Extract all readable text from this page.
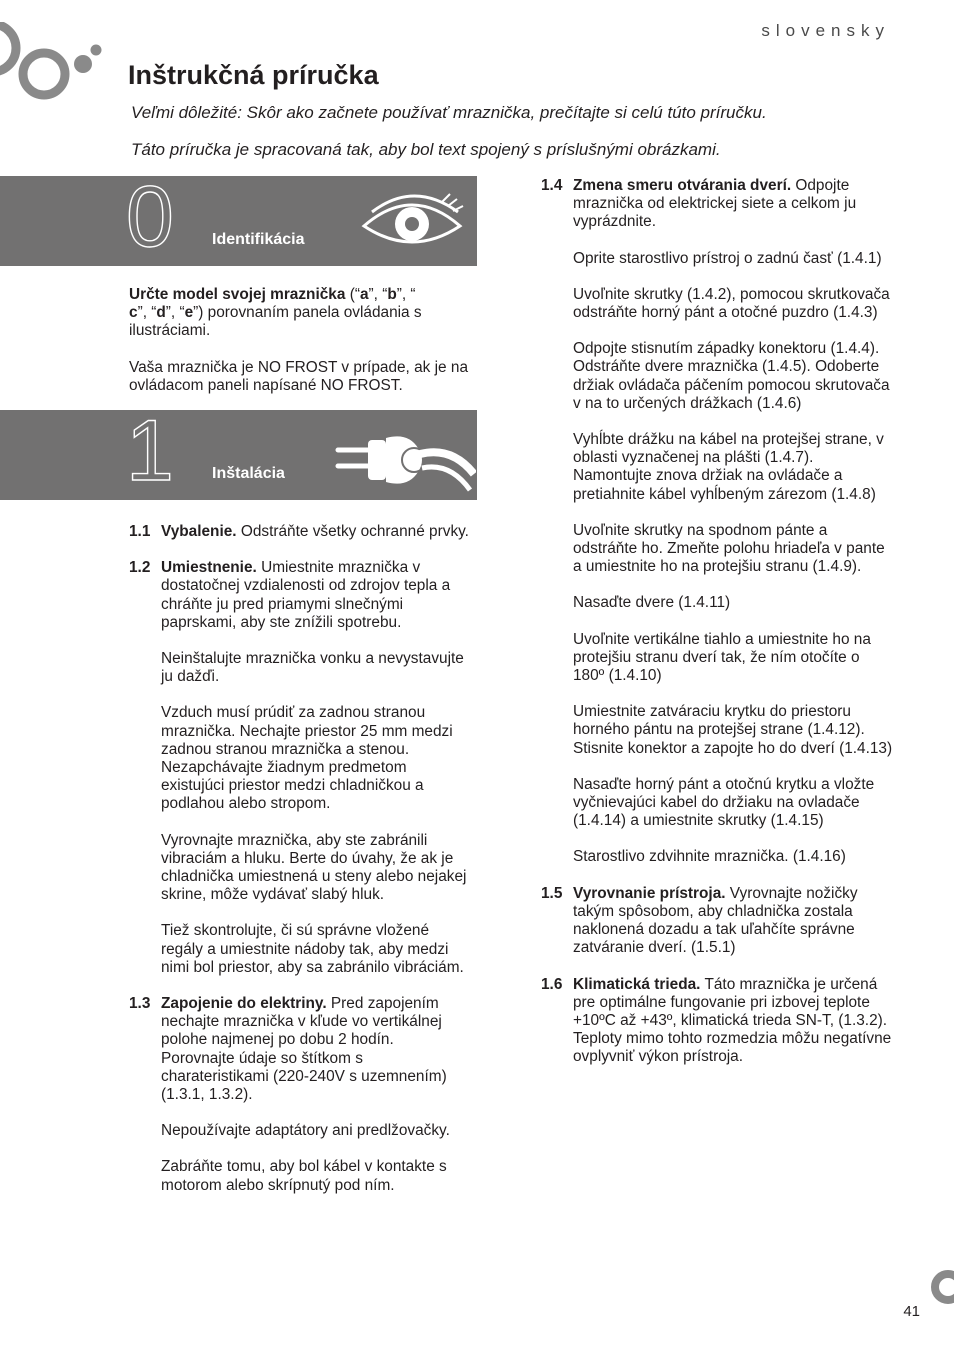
slovensky
Inštrukčná príručka

Veľmi dôležité: Skôr ako začnete používať mraznička, prečítajte si celú túto príručku.

Táto príručka je spracovaná tak, aby bol text spojený s príslušnými obrázkami.

0 Identifikácia

Určte model svojej mraznička (“a”, “b”, “
c”, “d”, “e”) porovnaním panela ovládania s ilustráciami.

Vaša mraznička je NO FROST v prípade, ak je na ovládacom paneli napísané NO FROST.

1 Inštalácia
1.1 Vybalenie. Odstráňte všetky ochranné prvky.

1.2 Umiestnenie. Umiestnite mraznička v dostatočnej vzdialenosti od zdrojov tepla a chráňte ju pred priamymi slnečnými paprskami, aby ste znížili spotrebu.

Neinštalujte mraznička vonku a nevystavujte ju dažďi.

Vzduch musí prúdiť za zadnou stranou mraznička. Nechajte priestor 25 mm medzi zadnou stranou mraznička a stenou. Nezapchávajte žiadnym predmetom existujúci priestor medzi chladničkou a podlahou alebo stropom.

Vyrovnajte mraznička, aby ste zabránili vibraciám a hluku. Berte do úvahy, že ak je chladnička umiestnená u steny alebo nejakej skrine, môže vydávať slabý hluk.

Tiež skontrolujte, či sú správne vložené regály a umiestnite nádoby tak, aby medzi nimi bol priestor, aby sa zabránilo vibráciám.

1.3 Zapojenie do elektriny. Pred zapojením nechajte mraznička v kľude vo vertikálnej polohe najmenej po dobu 2 hodín. Porovnajte údaje so štítkom s charateristikami (220-240V s uzemnením) (1.3.1, 1.3.2).

Nepoužívajte adaptátory ani predlžovačky.

Zabráňte tomu, aby bol kábel v kontakte s motorom alebo skrípnutý pod ním.

1.4 Zmena smeru otvárania dverí. Odpojte mraznička od elektrickej siete a celkom ju vyprázdnite.

Oprite starostlivo prístroj o zadnú časť (1.4.1)

Uvoľnite skrutky (1.4.2), pomocou skrutkovača odstráňte horný pánt a otočné puzdro (1.4.3)

Odpojte stisnutím západky konektoru (1.4.4). Odstráňte dvere mraznička (1.4.5). Odoberte držiak ovládača páčením pomocou skrutovača v na to určených drážkach (1.4.6)

Vyhĺbte drážku na kábel na protejšej strane, v oblasti vyznačenej na plášti (1.4.7). Namontujte znova držiak na ovládače a pretiahnite kábel vyhĺbeným zárezom (1.4.8)

Uvoľnite skrutky na spodnom pánte a odstráňte ho. Zmeňte polohu hriadeľa v pante a umiestnite ho na protejšiu stranu (1.4.9).

Nasaďte dvere (1.4.11)

Uvoľnite vertikálne tiahlo a umiestnite ho na protejšiu stranu dverí tak, že ním otočíte o 180º (1.4.10)

Umiestnite zatváraciu krytku do priestoru horného pántu na protejšej strane (1.4.12). Stisnite konektor a zapojte ho do dverí (1.4.13)

Nasaďte horný pánt a otočnú krytku a vložte vyčnievajúci kabel do držiaku na ovladače (1.4.14) a umiestnite skrutky (1.4.15)

Starostlivo zdvihnite mraznička. (1.4.16)

1.5 Vyrovnanie prístroja. Vyrovnajte nožičky takým spôsobom, aby chladnička zostala naklonená dozadu a tak uľahčíte správne zatváranie dverí. (1.5.1)

1.6 Klimatická trieda. Táto mraznička je určená pre optimálne fungovanie pri izbovej teplote +10ºC až +43º, klimatická trieda SN-T, (1.3.2). Teploty mimo tohto rozmedzia môžu negatívne ovplyvniť výkon prístroja.

41
